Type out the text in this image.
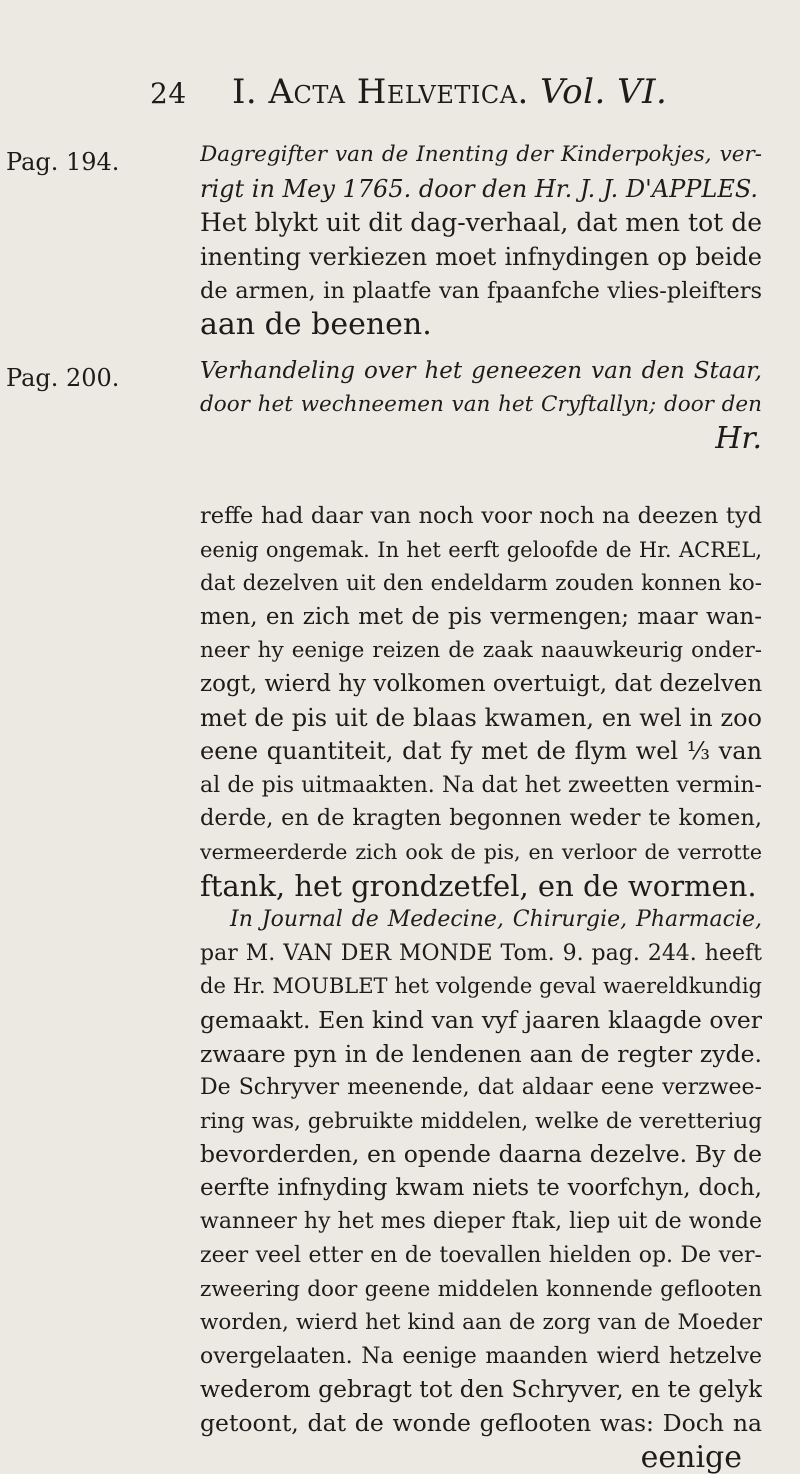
24 I. Acta Helvetica. Vol. VI.
Pag. 194.
Pag. 200.
Dagregifter van de Inenting der Kinderpokjes, ver-
rigt in Mey 1765. door den Hr. J. J. D'APPLES.
Het blykt uit dit dag-verhaal, dat men tot de
inenting verkiezen moet infnydingen op beide
de armen, in plaatfe van fpaanfche vlies-pleifters
aan de beenen.
Verhandeling over het geneezen van den Staar,
door het wechneemen van het Cryftallyn; door den
Hr.
reffe had daar van noch voor noch na deezen tyd
eenig ongemak. In het eerft geloofde de Hr. ACREL,
dat dezelven uit den endeldarm zouden konnen ko-
men, en zich met de pis vermengen; maar wan-
neer hy eenige reizen de zaak naauwkeurig onder-
zogt, wierd hy volkomen overtuigt, dat dezelven
met de pis uit de blaas kwamen, en wel in zoo
eene quantiteit, dat fy met de flym wel ⅓ van
al de pis uitmaakten. Na dat het zweetten vermin-
derde, en de kragten begonnen weder te komen,
vermeerderde zich ook de pis, en verloor de verrotte
ftank, het grondzetfel, en de wormen.
In Journal de Medecine, Chirurgie, Pharmacie,
par M. VAN DER MONDE Tom. 9. pag. 244. heeft
de Hr. MOUBLET het volgende geval waereldkundig
gemaakt. Een kind van vyf jaaren klaagde over
zwaare pyn in de lendenen aan de regter zyde.
De Schryver meenende, dat aldaar eene verzwee-
ring was, gebruikte middelen, welke de veretteriug
bevorderden, en opende daarna dezelve. By de
eerfte infnyding kwam niets te voorfchyn, doch,
wanneer hy het mes dieper ftak, liep uit de wonde
zeer veel etter en de toevallen hielden op. De ver-
zweering door geene middelen konnende geflooten
worden, wierd het kind aan de zorg van de Moeder
overgelaaten. Na eenige maanden wierd hetzelve
wederom gebragt tot den Schryver, en te gelyk
getoont, dat de wonde geflooten was: Doch na
eenige
